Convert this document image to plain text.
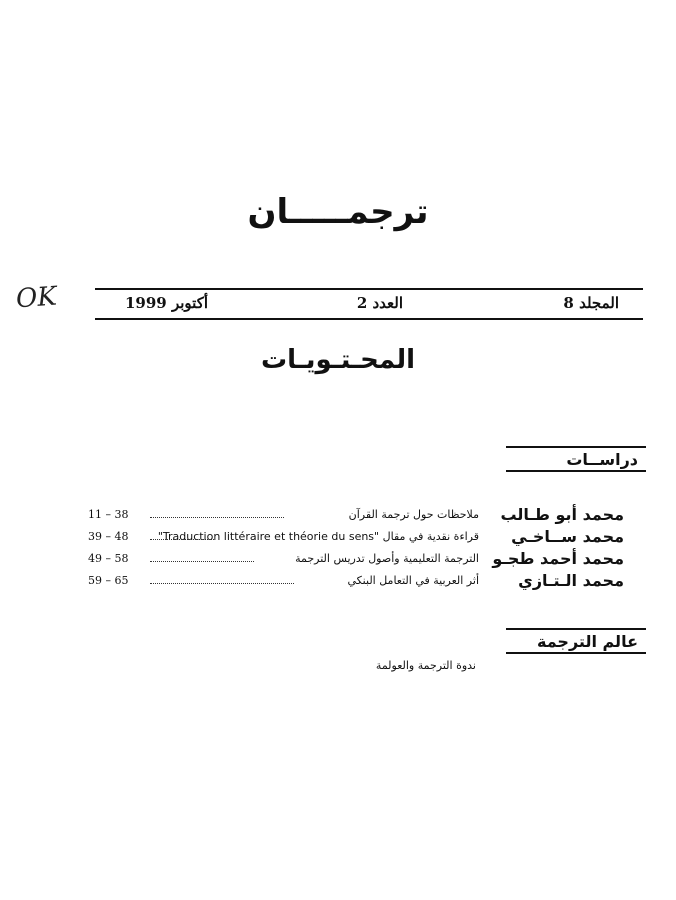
ترجمـــــان
OK	المجلد 8
العدد 2
أكتوبر 1999
المحـتـويـات
دراســات
محمد أبو طـالب
ملاحظات حول ترجمة القرآن
11 – 38
محمد ســاخـي
قراءة نقدية في مقال "Traduction littéraire et théorie du sens"
39 – 48
محمد أحمد طجـو
الترجمة التعليمية وأصول تدريس الترجمة
49 – 58
محمد الـتـازي
أثر العربية في التعامل البنكي
59 – 65
عالم الترجمة
ندوة الترجمة والعولمة
